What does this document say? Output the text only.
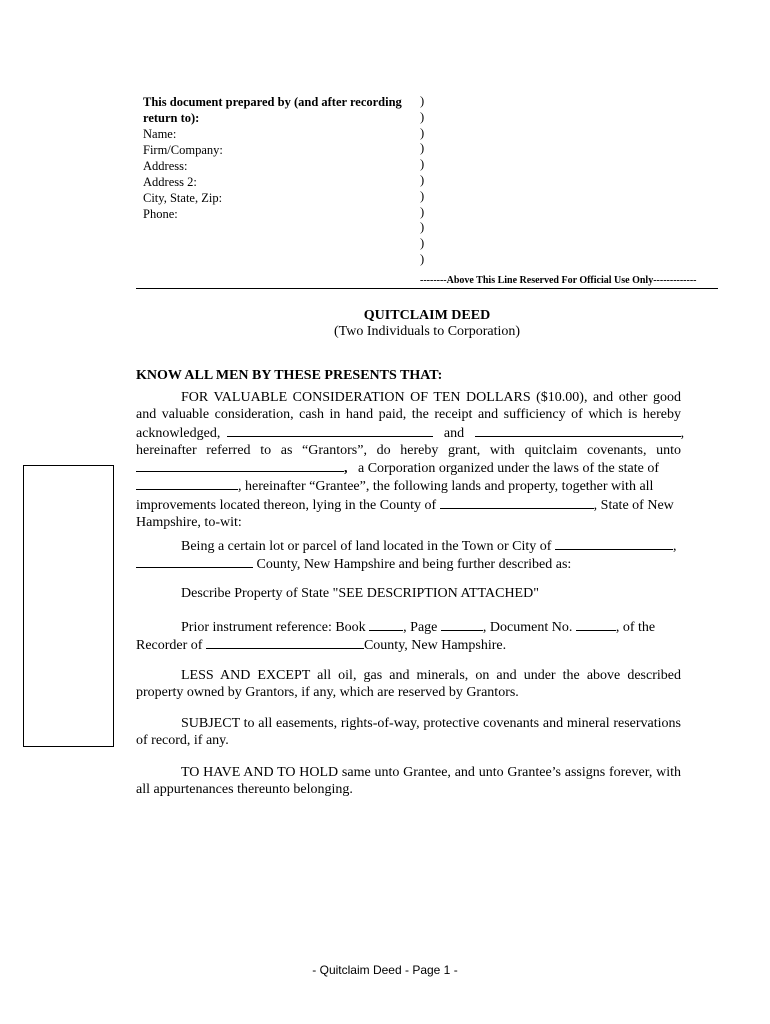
This document prepared by (and after recording
return to):
Name:
Firm/Company:
Address:
Address 2:
City, State, Zip:
Phone:
)
)
)
)
)
)
)
)
)
)
)
--------Above This Line Reserved For Official Use Only-------------
QUITCLAIM DEED
(Two Individuals to Corporation)
KNOW ALL MEN BY THESE PRESENTS THAT:
FOR VALUABLE CONSIDERATION OF TEN DOLLARS ($10.00), and other good
and valuable consideration, cash in hand paid, the receipt and sufficiency of which is hereby
acknowledged,	and	,
hereinafter referred to as “Grantors”, do hereby grant, with quitclaim covenants, unto
, a Corporation organized under the laws of the state of
, hereinafter “Grantee”, the following lands and property, together with all
improvements located thereon, lying in the County of	, State of New
Hampshire, to-wit:
Being a certain lot or parcel of land located in the Town or City of	,
County, New Hampshire and being further described as:
Describe Property of State "SEE DESCRIPTION ATTACHED"
Prior instrument reference: Book	, Page	, Document No.	, of the
Recorder of	County, New Hampshire.
LESS AND EXCEPT all oil, gas and minerals, on and under the above described property owned by Grantors, if any, which are reserved by Grantors.
SUBJECT to all easements, rights-of-way, protective covenants and mineral reservations of record, if any.
TO HAVE AND TO HOLD same unto Grantee, and unto Grantee’s assigns forever, with all appurtenances thereunto belonging.
- Quitclaim Deed - Page 1 -
